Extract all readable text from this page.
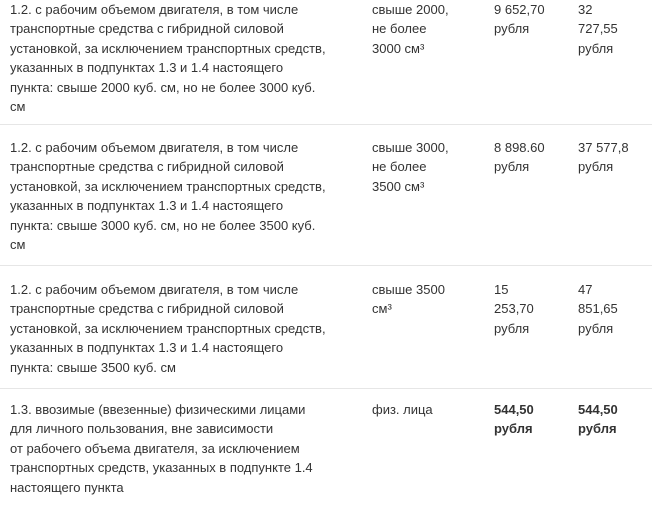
1.2. с рабочим объемом двигателя, в том числе
транспортные средства с гибридной силовой
установкой, за исключением транспортных средств,
указанных в подпунктах 1.3 и 1.4 настоящего
пункта: свыше 2000 куб. см, но не более 3000 куб.
см
свыше 2000,
не более
3000 см³
9 652,70
рубля
32
727,55
рубля
1.2. с рабочим объемом двигателя, в том числе
транспортные средства с гибридной силовой
установкой, за исключением транспортных средств,
указанных в подпунктах 1.3 и 1.4 настоящего
пункта: свыше 3000 куб. см, но не более 3500 куб.
см
свыше 3000,
не более
3500 см³
8 898.60
рубля
37 577,8
рубля
1.2. с рабочим объемом двигателя, в том числе
транспортные средства с гибридной силовой
установкой, за исключением транспортных средств,
указанных в подпунктах 1.3 и 1.4 настоящего
пункта: свыше 3500 куб. см
свыше 3500
см³
15
253,70
рубля
47
851,65
рубля
1.3. ввозимые (ввезенные) физическими лицами
для личного пользования, вне зависимости
от рабочего объема двигателя, за исключением
транспортных средств, указанных в подпункте 1.4
настоящего пункта
физ. лица	544,50
рубля
544,50
рубля
